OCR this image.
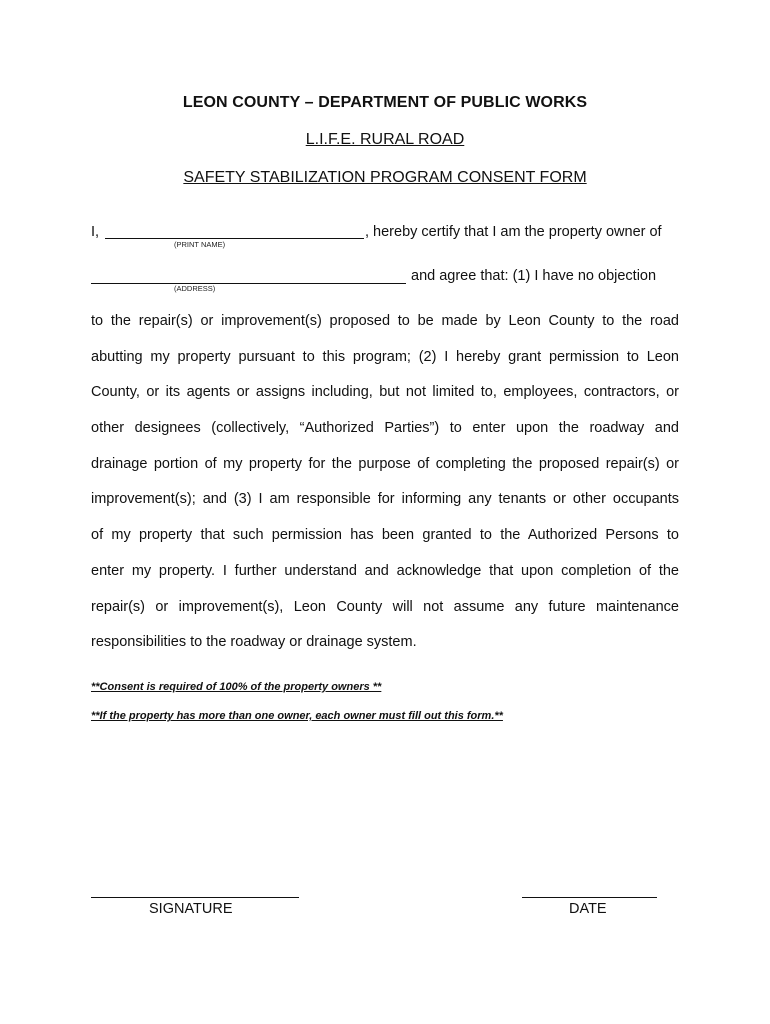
LEON COUNTY – DEPARTMENT OF PUBLIC WORKS
L.I.F.E. RURAL ROAD
SAFETY STABILIZATION PROGRAM CONSENT FORM
I,	, hereby certify that I am the property owner of
(PRINT NAME)
and agree that: (1) I have no objection
(ADDRESS)
to the repair(s) or improvement(s) proposed to be made by Leon County to the road
abutting my property pursuant to this program; (2) I hereby grant permission to Leon
County, or its agents or assigns including, but not limited to, employees, contractors, or
other designees (collectively, “Authorized Parties”) to enter upon the roadway and
drainage portion of my property for the purpose of completing the proposed repair(s) or
improvement(s); and (3) I am responsible for informing any tenants or other occupants
of my property that such permission has been granted to the Authorized Persons to
enter my property. I further understand and acknowledge that upon completion of the
repair(s) or improvement(s), Leon County will not assume any future maintenance
responsibilities to the roadway or drainage system.
**Consent is required of 100% of the property owners **
**If the property has more than one owner, each owner must fill out this form.**
SIGNATURE	DATE
